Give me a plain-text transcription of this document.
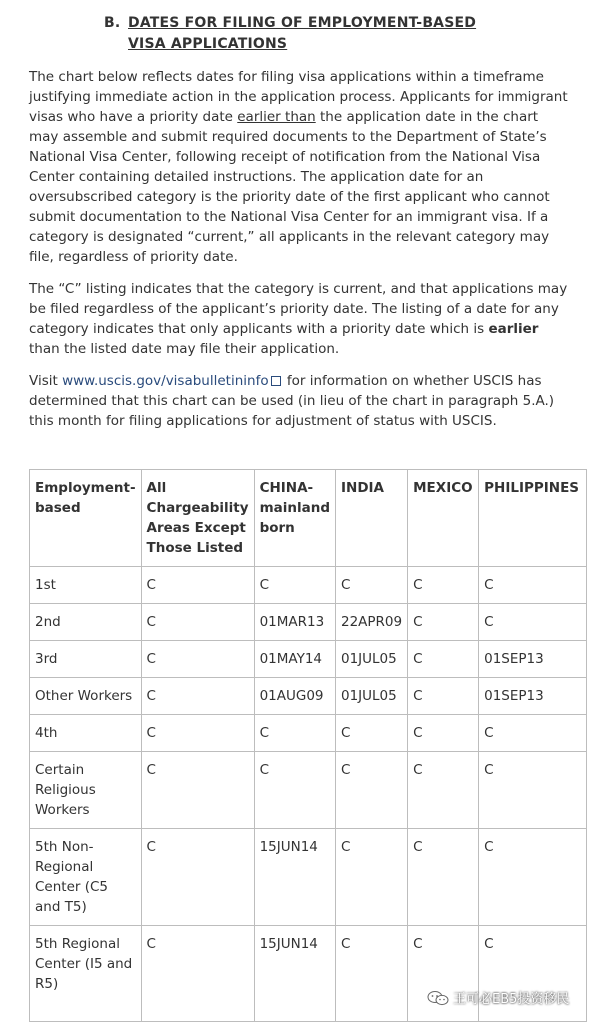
B. DATES FOR FILING OF EMPLOYMENT-BASED
VISA APPLICATIONS

The chart below reflects dates for filing visa applications within a timeframe justifying immediate action in the application process. Applicants for immigrant visas who have a priority date earlier than the application date in the chart may assemble and submit required documents to the Department of State’s National Visa Center, following receipt of notification from the National Visa Center containing detailed instructions. The application date for an oversubscribed category is the priority date of the first applicant who cannot submit documentation to the National Visa Center for an immigrant visa. If a category is designated “current,” all applicants in the relevant category may file, regardless of priority date.

The “C” listing indicates that the category is current, and that applications may be filed regardless of the applicant’s priority date. The listing of a date for any category indicates that only applicants with a priority date which is earlier than the listed date may file their application.

Visit www.uscis.gov/visabulletininfo for information on whether USCIS has determined that this chart can be used (in lieu of the chart in paragraph 5.A.) this month for filing applications for adjustment of status with USCIS.

Employment-based	All Chargeability Areas Except Those Listed	CHINA-mainland born	INDIA	MEXICO	PHILIPPINES
1st	C	C	C	C	C
2nd	C	01MAR13	22APR09	C	C
3rd	C	01MAY14	01JUL05	C	01SEP13
Other Workers	C	01AUG09	01JUL05	C	01SEP13
4th	C	C	C	C	C
Certain Religious Workers	C	C	C	C	C
5th Non-Regional Center (C5 and T5)	C	15JUN14	C	C	C
5th Regional Center (I5 and R5)	C	15JUN14	C	C	C
王可必EB5投资移民
